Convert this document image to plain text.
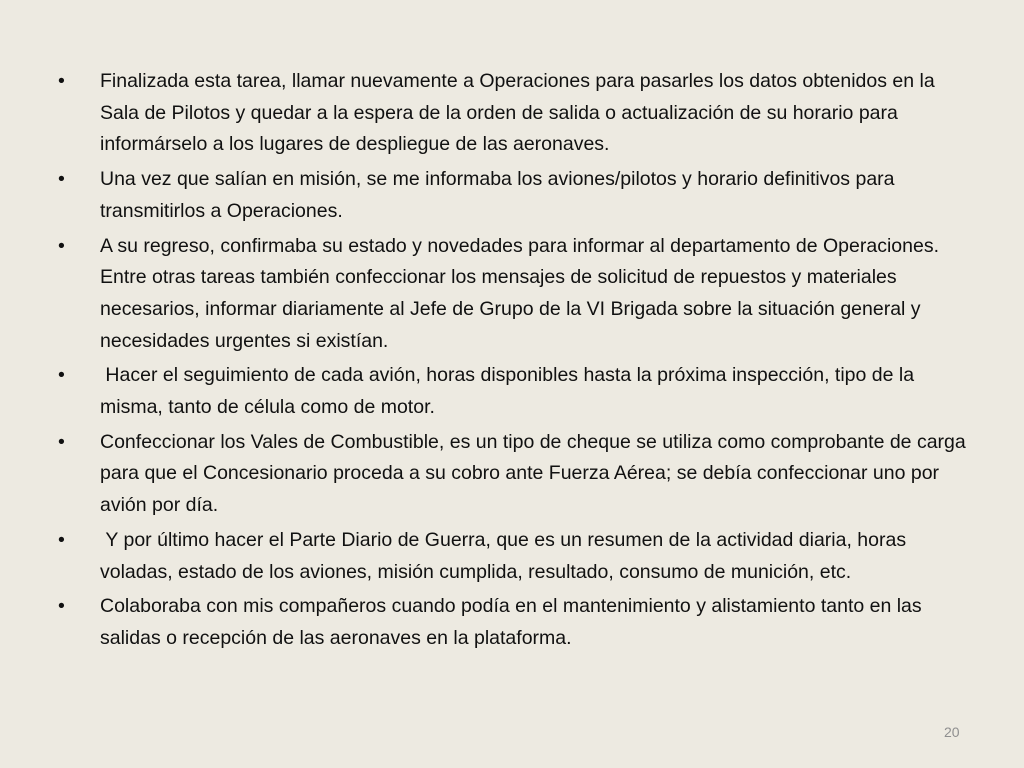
•	Finalizada esta tarea, llamar nuevamente a Operaciones para pasarles los datos obtenidos en la Sala de Pilotos y quedar a la espera de la orden de salida o actualización de su horario para informárselo a los lugares de despliegue de las aeronaves.
•	Una vez que salían en misión, se me informaba los aviones/pilotos y horario definitivos para transmitirlos a Operaciones.
•	A su regreso, confirmaba su estado y novedades para informar al departamento de Operaciones. Entre otras tareas también confeccionar los mensajes de solicitud de repuestos y materiales necesarios, informar diariamente al Jefe de Grupo de la VI Brigada sobre la situación general y necesidades urgentes si existían.
•	Hacer el seguimiento de cada avión, horas disponibles hasta la próxima inspección, tipo de la misma, tanto de célula como de motor.
•	Confeccionar los Vales de Combustible, es un tipo de cheque se utiliza como comprobante de carga para que el Concesionario proceda a su cobro ante Fuerza Aérea; se debía confeccionar uno por avión por día.
•	Y por último hacer el Parte Diario de Guerra, que es un resumen de la actividad diaria, horas voladas, estado de los aviones, misión cumplida, resultado, consumo de munición, etc.
•	Colaboraba con mis compañeros cuando podía en el mantenimiento y alistamiento tanto en las salidas o recepción de las aeronaves en la plataforma.
20
